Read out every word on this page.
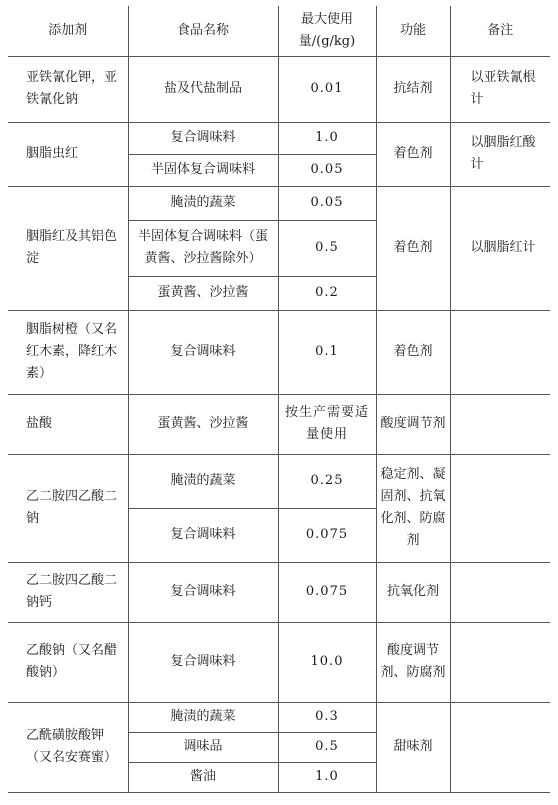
添加剂	食品名称	最大使用量/(g/kg)	功能	备注
亚铁氰化钾，亚铁氰化钠	盐及代盐制品	0.01	抗结剂	以亚铁氰根计
胭脂虫红	复合调味料	1.0	着色剂	以胭脂红酸计
	半固体复合调味料	0.05		
胭脂红及其铝色淀	腌渍的蔬菜	0.05	着色剂	以胭脂红计
	半固体复合调味料（蛋黄酱、沙拉酱除外）	0.5		
	蛋黄酱、沙拉酱	0.2		
胭脂树橙（又名红木素，降红木素）	复合调味料	0.1	着色剂	
盐酸	蛋黄酱、沙拉酱	按生产需要适量使用	酸度调节剂	
乙二胺四乙酸二钠	腌渍的蔬菜	0.25	稳定剂、凝固剂、抗氧化剂、防腐剂	
	复合调味料	0.075		
乙二胺四乙酸二钠钙	复合调味料	0.075	抗氧化剂	
乙酸钠（又名醋酸钠）	复合调味料	10.0	酸度调节剂、防腐剂	
乙酰磺胺酸钾（又名安赛蜜）	腌渍的蔬菜	0.3	甜味剂	
	调味品	0.5		
	酱油	1.0		
